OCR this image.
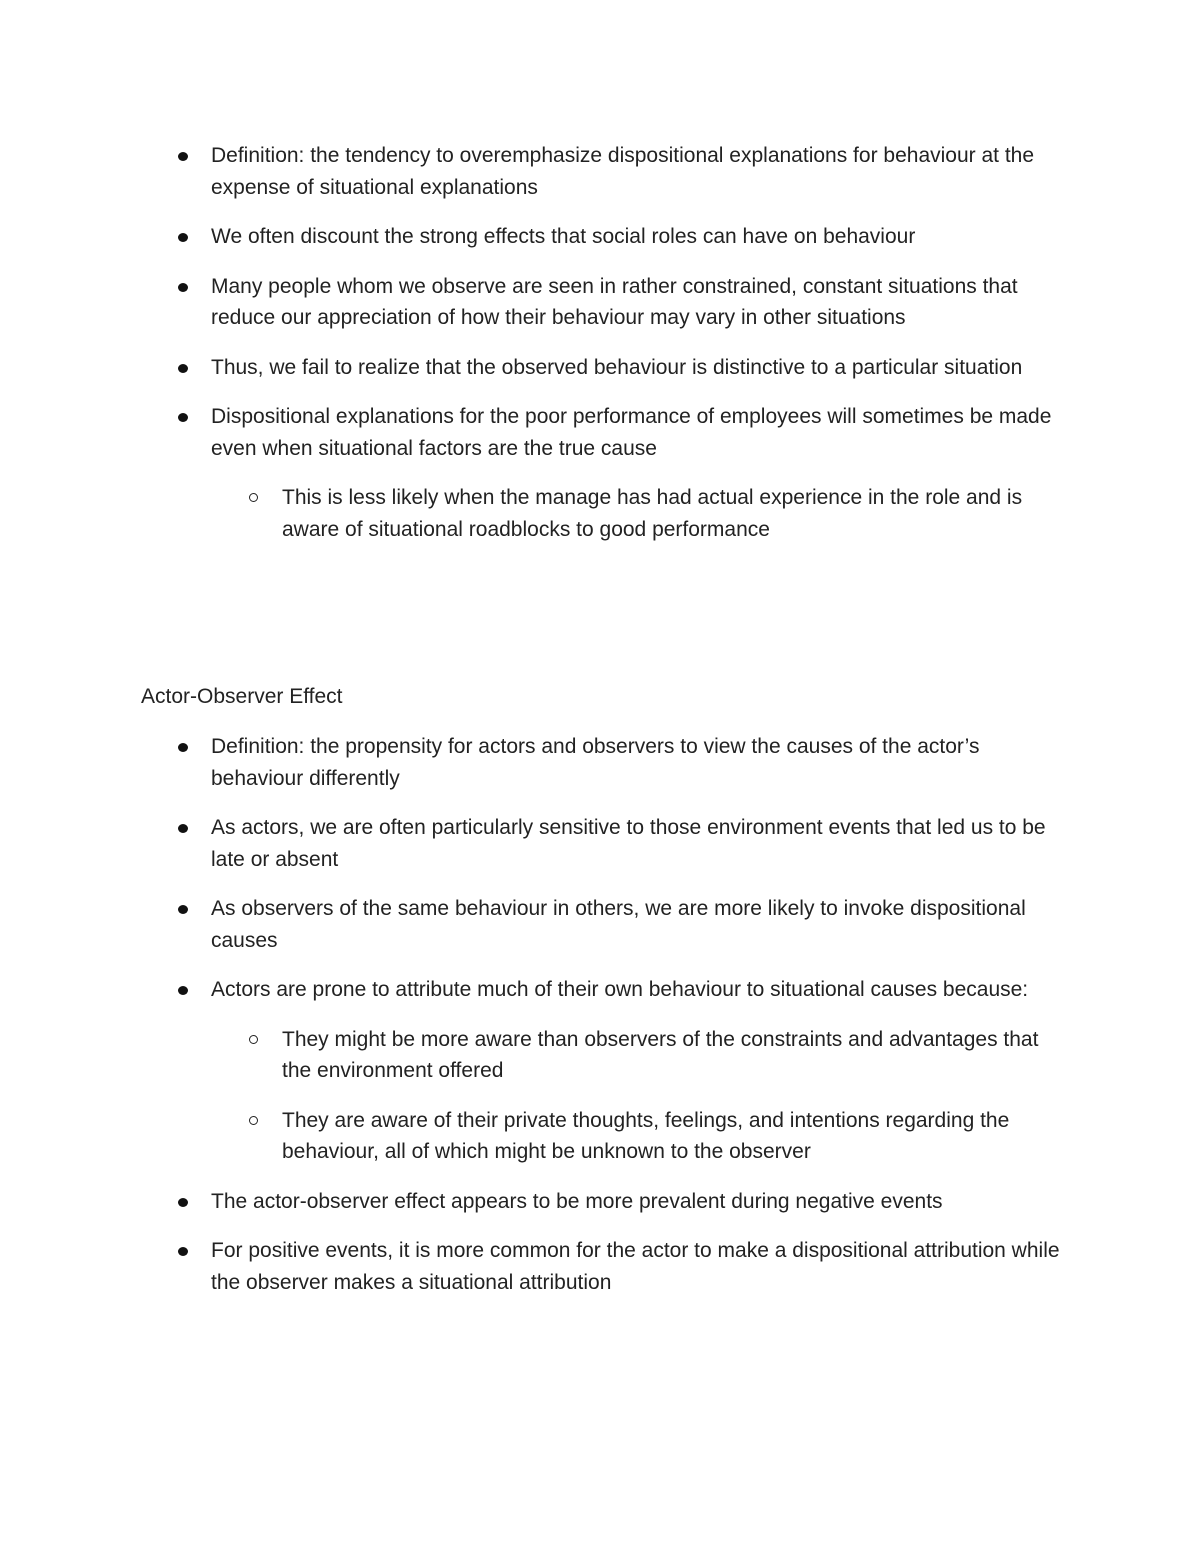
Definition: the tendency to overemphasize dispositional explanations for behaviour at the expense of situational explanations
We often discount the strong effects that social roles can have on behaviour
Many people whom we observe are seen in rather constrained, constant situations that reduce our appreciation of how their behaviour may vary in other situations
Thus, we fail to realize that the observed behaviour is distinctive to a particular situation
Dispositional explanations for the poor performance of employees will sometimes be made even when situational factors are the true cause
This is less likely when the manage has had actual experience in the role and is aware of situational roadblocks to good performance
Actor-Observer Effect
Definition: the propensity for actors and observers to view the causes of the actor’s behaviour differently
As actors, we are often particularly sensitive to those environment events that led us to be late or absent
As observers of the same behaviour in others, we are more likely to invoke dispositional causes
Actors are prone to attribute much of their own behaviour to situational causes because:
They might be more aware than observers of the constraints and advantages that the environment offered
They are aware of their private thoughts, feelings, and intentions regarding the behaviour, all of which might be unknown to the observer
The actor-observer effect appears to be more prevalent during negative events
For positive events, it is more common for the actor to make a dispositional attribution while the observer makes a situational attribution
